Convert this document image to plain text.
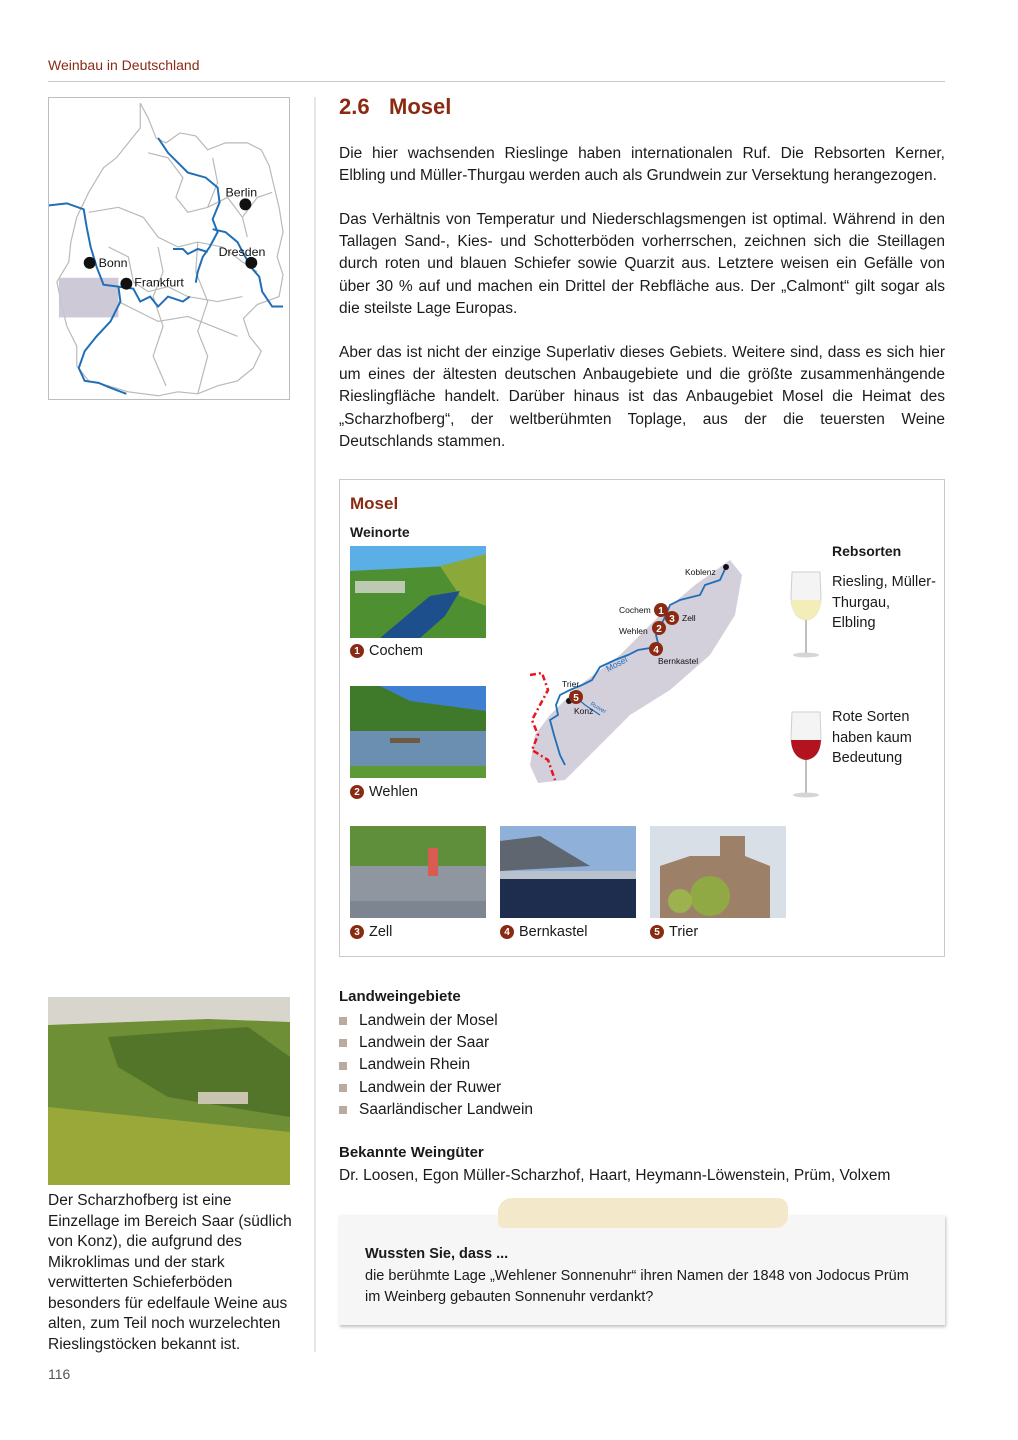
Weinbau in Deutschland
Berlin
Bonn
Frankfurt
Dresden
2.6 Mosel
Die hier wachsenden Rieslinge haben internationalen Ruf. Die Rebsorten Kerner, Elbling und Müller-Thurgau werden auch als Grundwein zur Versektung herangezogen.
Das Verhältnis von Temperatur und Niederschlagsmengen ist optimal. Während in den Tallagen Sand-, Kies- und Schotterböden vorherrschen, zeichnen sich die Steillagen durch roten und blauen Schiefer sowie Quarzit aus. Letztere weisen ein Gefälle von über 30 % auf und machen ein Drittel der Rebfläche aus. Der „Calmont“ gilt sogar als die steilste Lage Europas.
Aber das ist nicht der einzige Superlativ dieses Gebiets. Weitere sind, dass es sich hier um eines der ältesten deutschen Anbaugebiete und die größte zusammenhängende Rieslingfläche handelt. Darüber hinaus ist das Anbaugebiet Mosel die Heimat des „Scharzhofberg“, der weltberühmten Toplage, aus der die teuersten Weine Deutschlands stammen.
Mosel
Weinorte
1 Cochem
2 Wehlen
3 Zell	4 Bernkastel	5 Trier
1
3
2
4
5
Koblenz
Cochem
Zell
Wehlen
Bernkastel
Trier
Konz
Mosel
Ruwer
Rebsorten
Riesling, Müller-Thurgau, Elbling
Rote Sorten haben kaum Bedeutung
Landweingebiete
Landwein der Mosel
Landwein der Saar
Landwein Rhein
Landwein der Ruwer
Saarländischer Landwein
Bekannte Weingüter
Dr. Loosen, Egon Müller-Scharzhof, Haart, Heymann-Löwenstein, Prüm, Volxem
Wussten Sie, dass ...
die berühmte Lage „Wehlener Sonnenuhr“ ihren Namen der 1848 von Jodocus Prüm im Weinberg gebauten Sonnenuhr verdankt?
Der Scharzhofberg ist eine Einzellage im Bereich Saar (südlich von Konz), die aufgrund des Mikroklimas und der stark verwitterten Schieferböden besonders für edelfaule Weine aus alten, zum Teil noch wurzelechten Rieslingstöcken bekannt ist.
116
